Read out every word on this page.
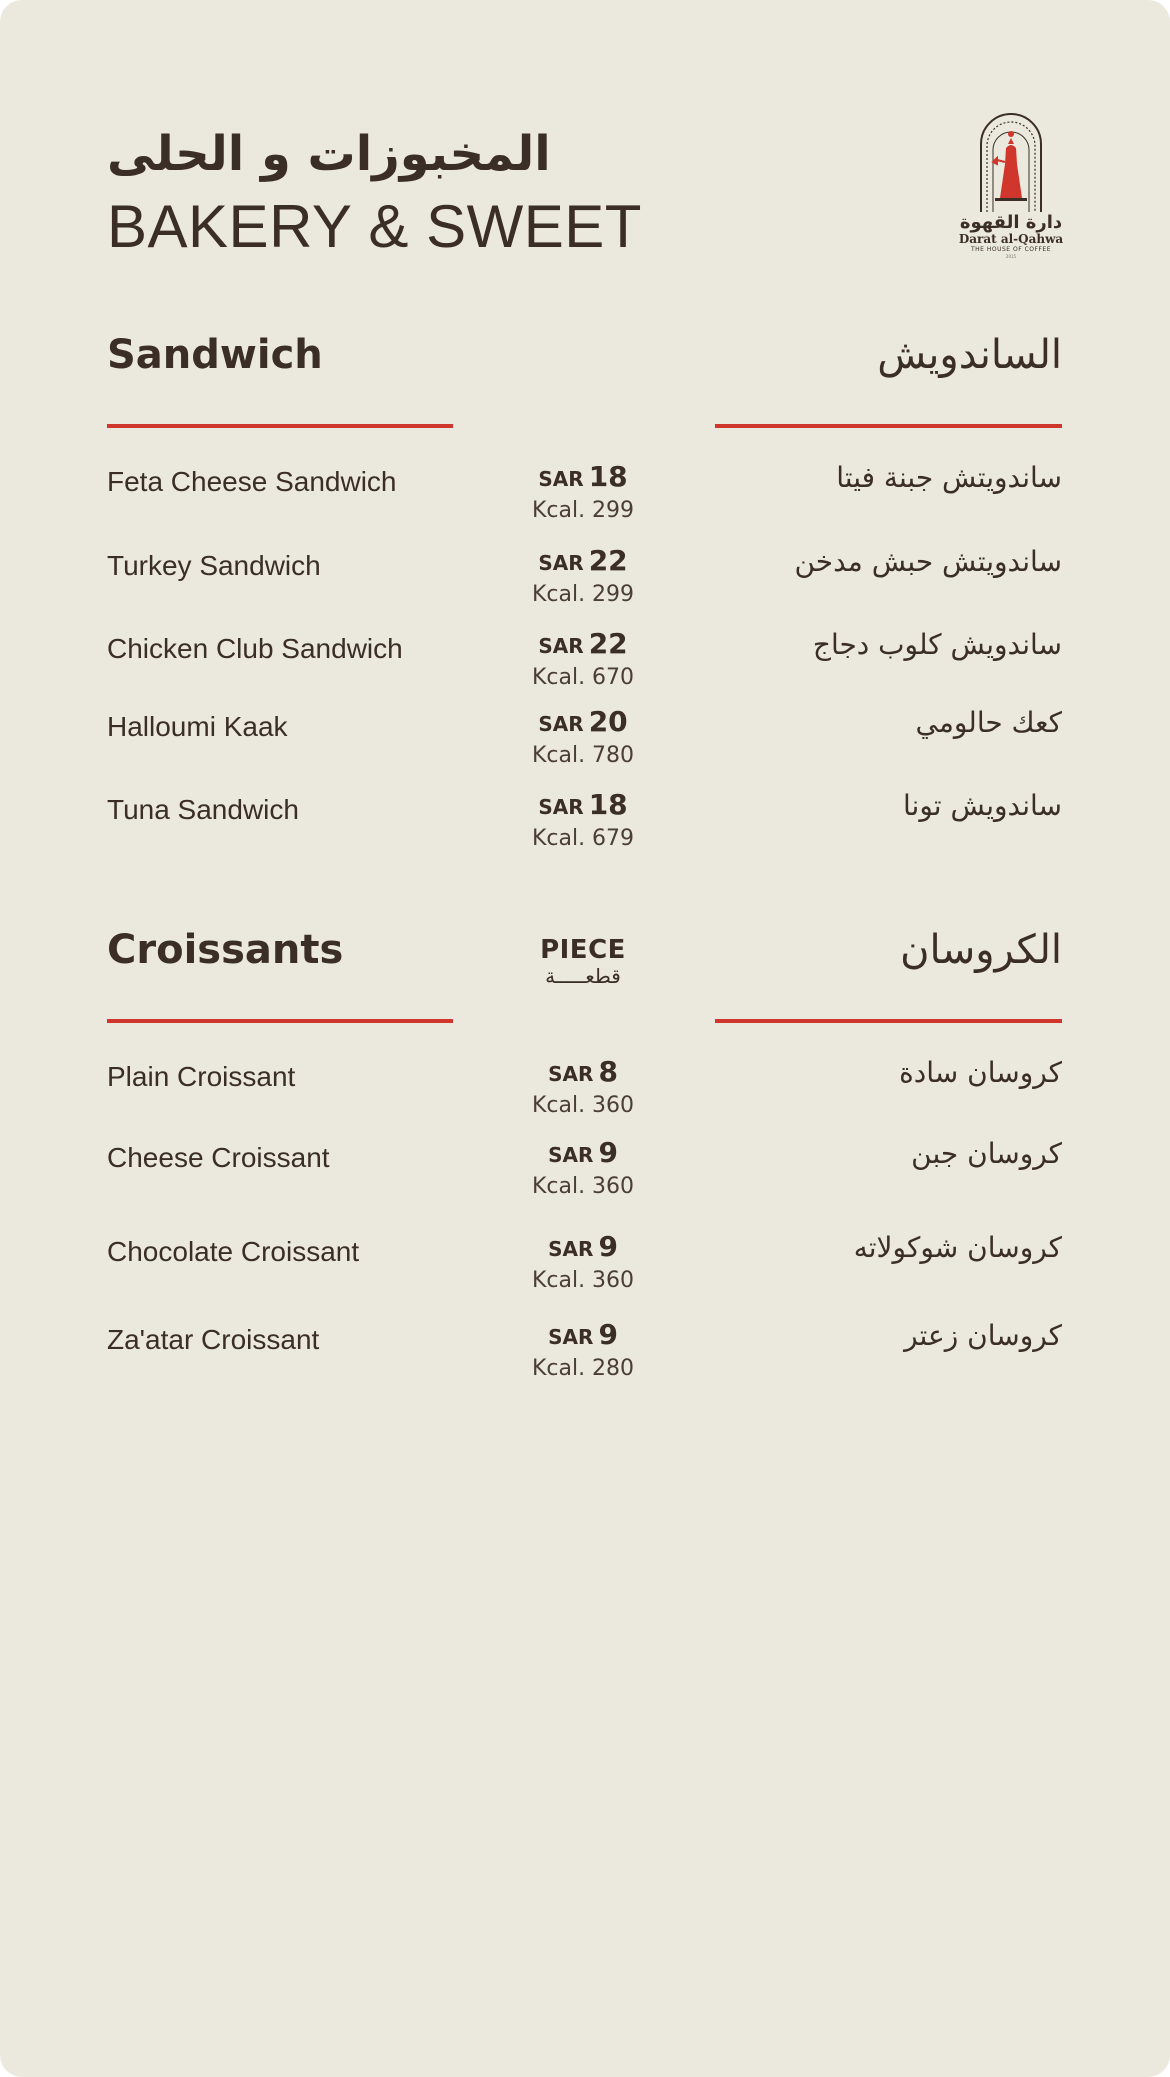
المخبوزات و الحلى
BAKERY & SWEET	دارة القهوة
Darat al-Qahwa
THE HOUSE OF COFFEE
2015
Sandwich	الساندويش
Feta Cheese Sandwich	SAR 18
Kcal. 299
ساندويتش جبنة فيتا
Turkey Sandwich	SAR 22
Kcal. 299
ساندويتش حبش مدخن
Chicken Club Sandwich	SAR 22
Kcal. 670
ساندويش كلوب دجاج
Halloumi Kaak	SAR 20
Kcal. 780
كعك حالومي
Tuna Sandwich	SAR 18
Kcal. 679
ساندويش تونا
Croissants	PIECE
قطعـــــة
الكروسان
Plain Croissant	SAR 8
Kcal. 360
كروسان سادة
Cheese Croissant	SAR 9
Kcal. 360
كروسان جبن
Chocolate Croissant	SAR 9
Kcal. 360
كروسان شوكولاته
Za'atar Croissant	SAR 9
Kcal. 280
كروسان زعتر
